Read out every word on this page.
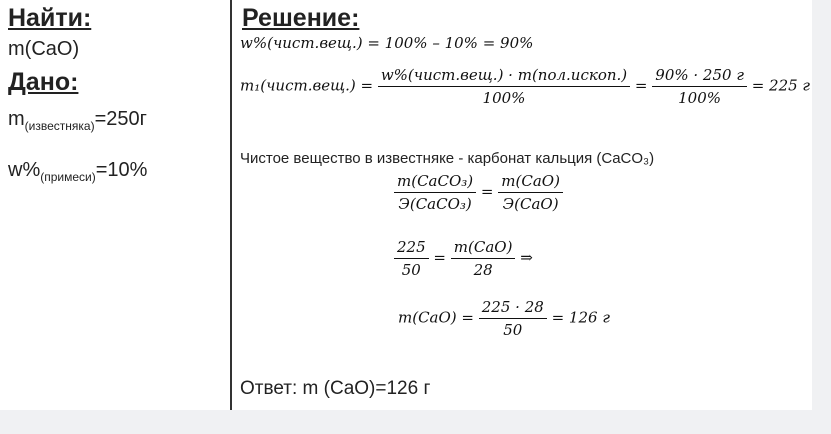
Найти:
m(CaO)
Дано:
$m_{(известняка)}=250г$
$w\%_{(примеси)}=10\%$
Решение:
w%(чист.вещ.) = 100% – 10% = 90%
m₁(чист.вещ.) = $\frac{\text{w\%(чист.вещ.) · m(пол.ископ.)}}{100\%} = \frac{90\% \cdot 250 г}{100\%} = 225$ г
Чистое вещество в известняке - карбонат кальция (CaCO₃)
$\frac{\text{m(CaCO₃)}}{\text{Э(CaCO₃)}} = \frac{\text{m(CaO)}}{\text{Э(CaO)}}$
$\frac{225}{50} = \frac{\text{m(CaO)}}{28}$ ⇒
$m(CaO) = \frac{225 \cdot 28}{50} = 126$ г
Ответ: m (CaO)=126 г
